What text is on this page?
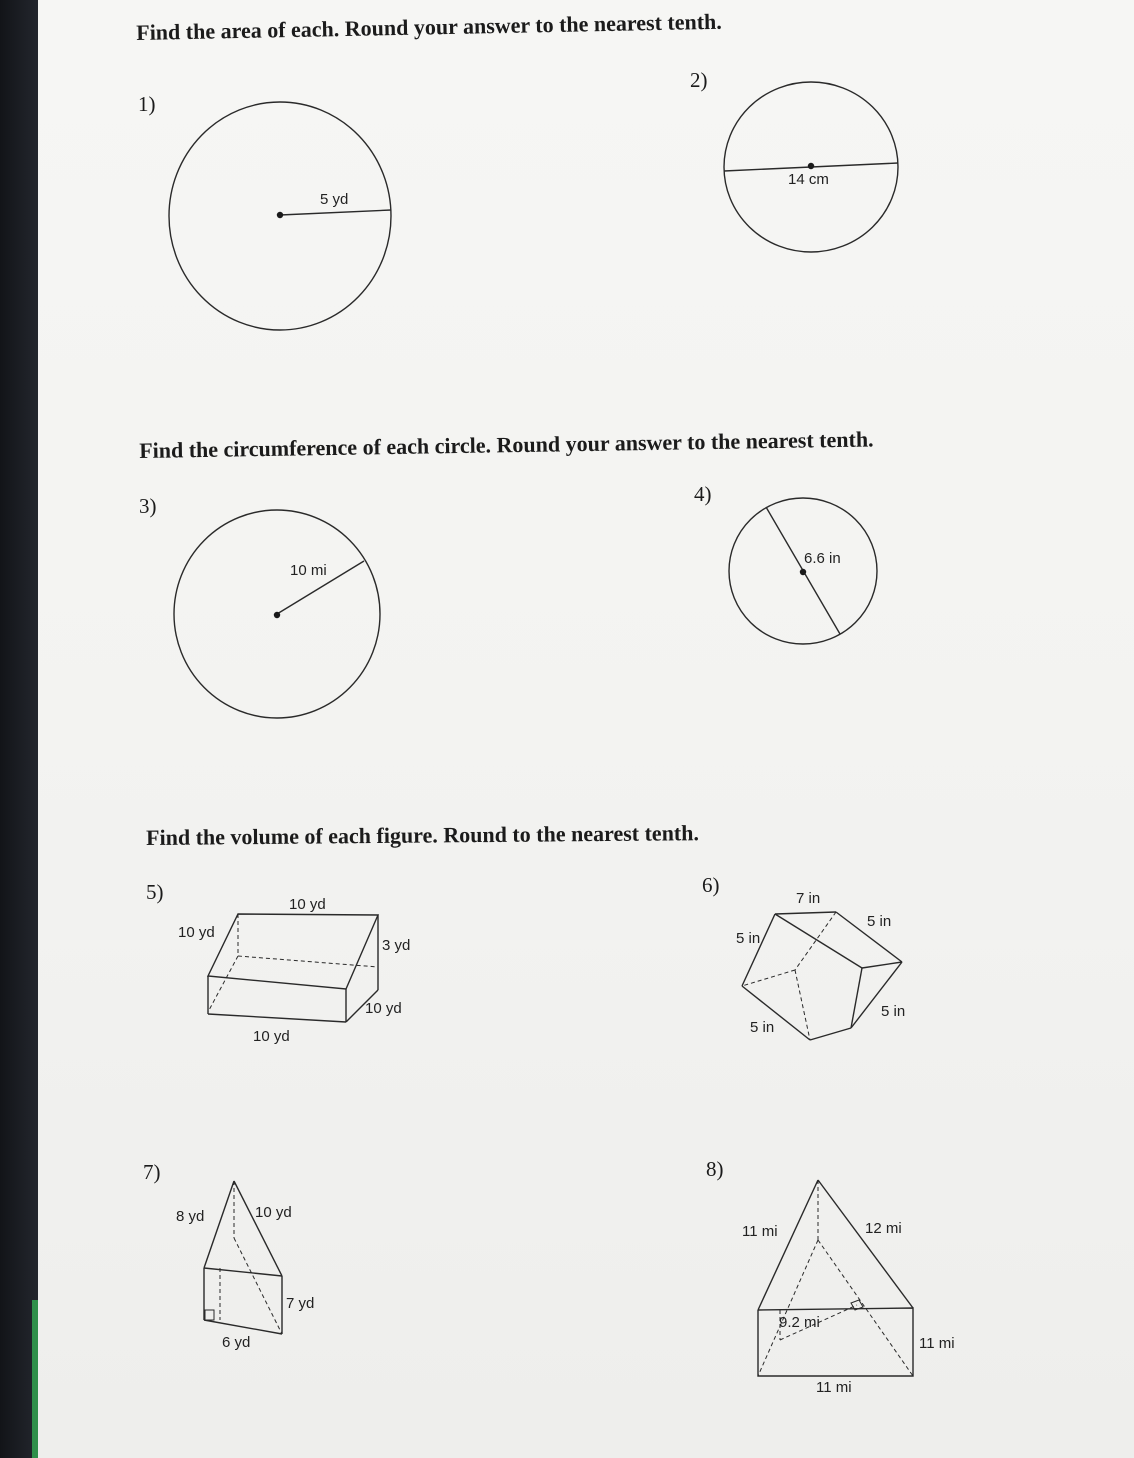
Find the area of each. Round your answer to the nearest tenth.
Find the circumference of each circle. Round your answer to the nearest tenth.
Find the volume of each figure. Round to the nearest tenth.
1)
2)
3)	4)
5)	6)
7)	8)
5 yd
14 cm
10 mi
6.6 in
10 yd
10 yd
3 yd
10 yd
10 yd
7 in
5 in
5 in
5 in
5 in
8 yd	10 yd
7 yd
6 yd
11 mi	12 mi
9.2 mi
11 mi
11 mi
